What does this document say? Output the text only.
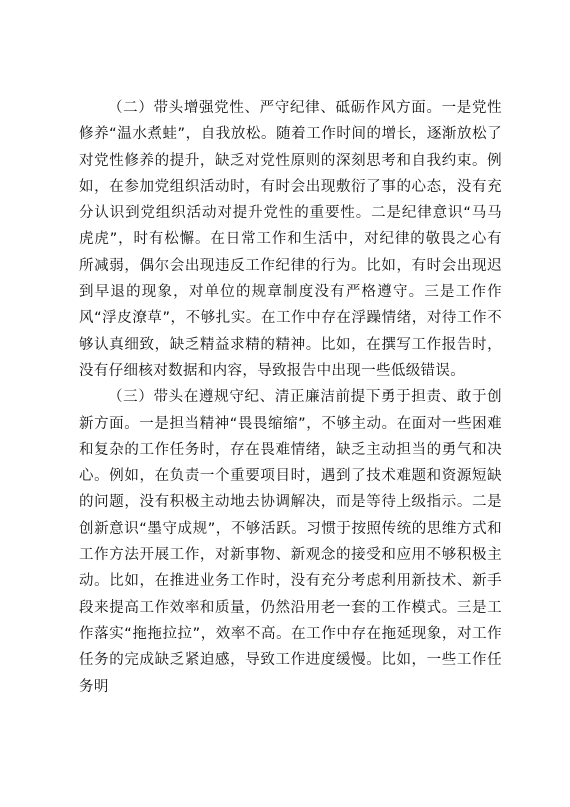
（二）带头增强党性、严守纪律、砥砺作风方面。一是党性修养“温水煮蛙”，自我放松。随着工作时间的增长，逐渐放松了对党性修养的提升，缺乏对党性原则的深刻思考和自我约束。例如，在参加党组织活动时，有时会出现敷衍了事的心态，没有充分认识到党组织活动对提升党性的重要性。二是纪律意识“马马虎虎”，时有松懈。在日常工作和生活中，对纪律的敬畏之心有所减弱，偶尔会出现违反工作纪律的行为。比如，有时会出现迟到早退的现象，对单位的规章制度没有严格遵守。三是工作作风“浮皮潦草”，不够扎实。在工作中存在浮躁情绪，对待工作不够认真细致，缺乏精益求精的精神。比如，在撰写工作报告时，没有仔细核对数据和内容，导致报告中出现一些低级错误。

（三）带头在遵规守纪、清正廉洁前提下勇于担责、敢于创新方面。一是担当精神“畏畏缩缩”，不够主动。在面对一些困难和复杂的工作任务时，存在畏难情绪，缺乏主动担当的勇气和决心。例如，在负责一个重要项目时，遇到了技术难题和资源短缺的问题，没有积极主动地去协调解决，而是等待上级指示。二是创新意识“墨守成规”，不够活跃。习惯于按照传统的思维方式和工作方法开展工作，对新事物、新观念的接受和应用不够积极主动。比如，在推进业务工作时，没有充分考虑利用新技术、新手段来提高工作效率和质量，仍然沿用老一套的工作模式。三是工作落实“拖拖拉拉”，效率不高。在工作中存在拖延现象，对工作任务的完成缺乏紧迫感，导致工作进度缓慢。比如，一些工作任务明
